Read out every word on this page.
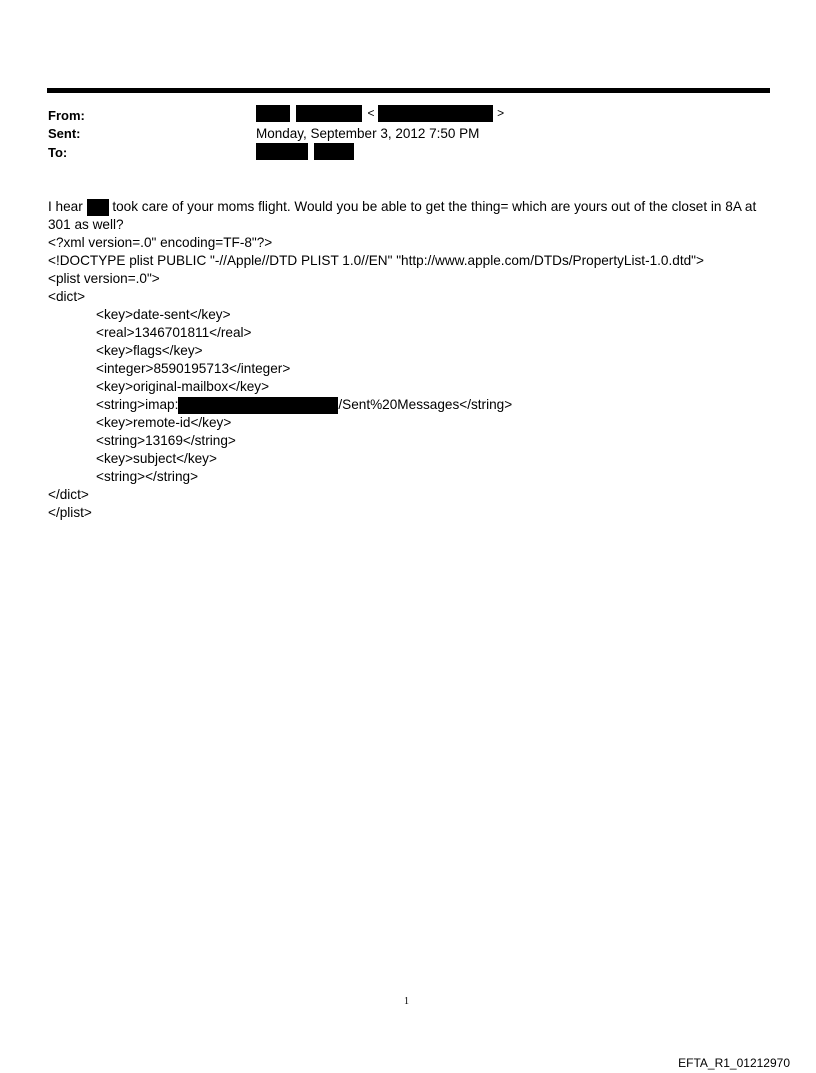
From:
Sent:
To:
<	>
Monday, September 3, 2012 7:50 PM

I hear  took care of your moms flight. Would you be able to get the thing= which are yours out of the closet in 8A at
301 as well?
<?xml version=.0" encoding=TF-8"?>
<!DOCTYPE plist PUBLIC "-//Apple//DTD PLIST 1.0//EN" "http://www.apple.com/DTDs/PropertyList-1.0.dtd">
<plist version=.0">
<dict>
<key>date-sent</key>
<real>1346701811</real>
<key>flags</key>
<integer>8590195713</integer>
<key>original-mailbox</key>
<string>imap:	/Sent%20Messages</string>
<key>remote-id</key>
<string>13169</string>
<key>subject</key>
<string></string>
</dict>
</plist>
1
EFTA_R1_01212970
